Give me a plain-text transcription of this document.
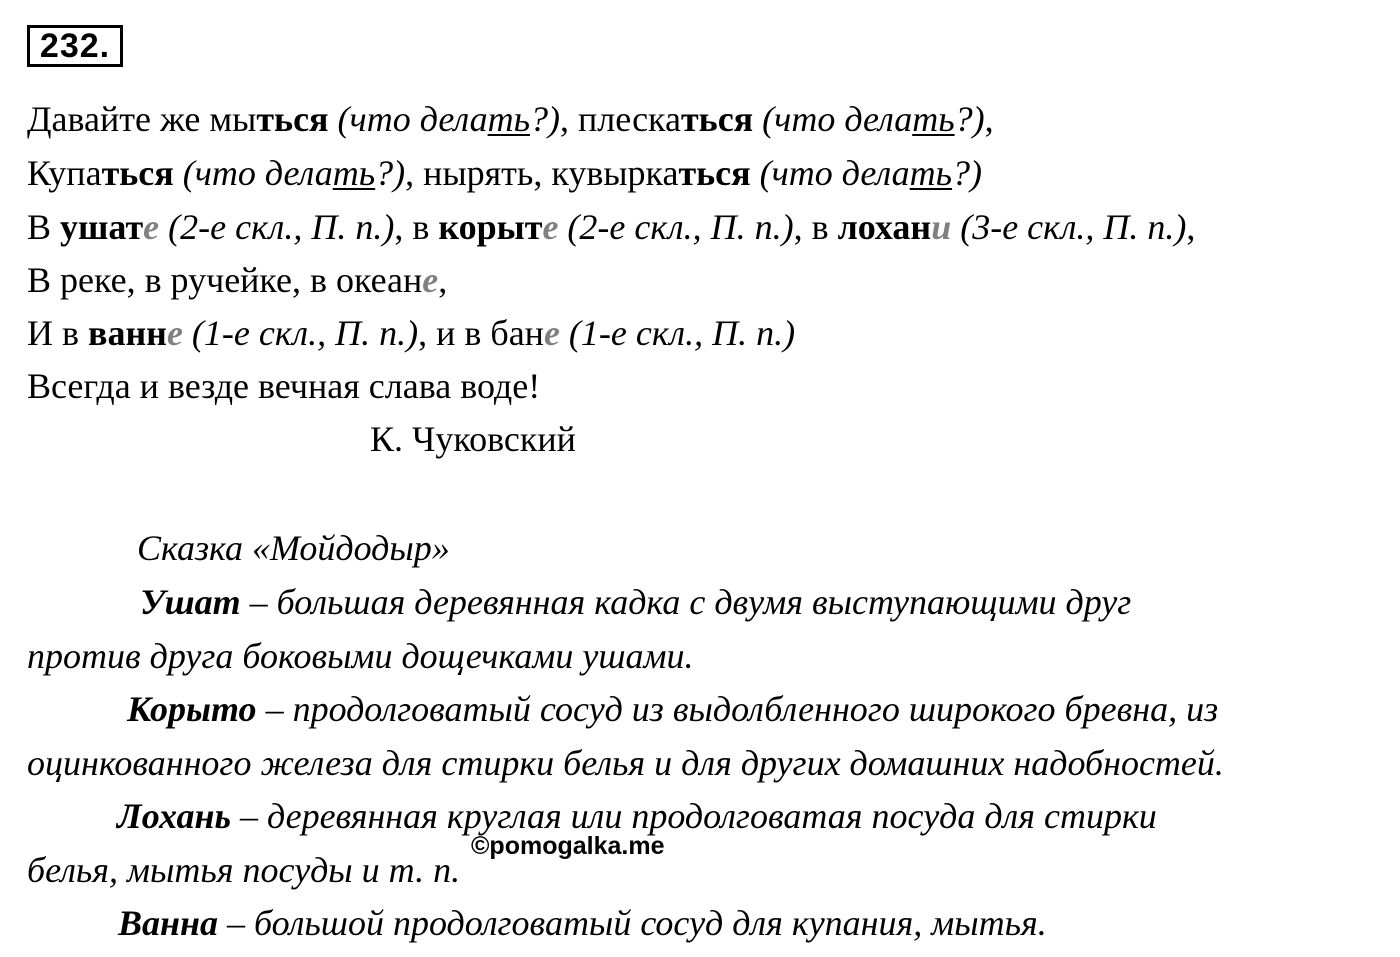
232.
Давайте же мыться (что делать?), плескаться (что делать?),
Купаться (что делать?), нырять, кувыркаться (что делать?)
В ушате (2-е скл., П. п.), в корыте (2-е скл., П. п.), в лохани (3-е скл., П. п.),
В реке, в ручейке, в океане,
И в ванне (1-е скл., П. п.), и в бане (1-е скл., П. п.)
Всегда и везде вечная слава воде!
К. Чуковский
Сказка «Мойдодыр»
Ушат – большая деревянная кадка с двумя выступающими друг
против друга боковыми дощечками ушами.
Корыто – продолговатый сосуд из выдолбленного широкого бревна, из
оцинкованного железа для стирки белья и для других домашних надобностей.
Лохань – деревянная круглая или продолговатая посуда для стирки
белья, мытья посуды и т. п.
Ванна – большой продолговатый сосуд для купания, мытья.
©pomogalka.me
